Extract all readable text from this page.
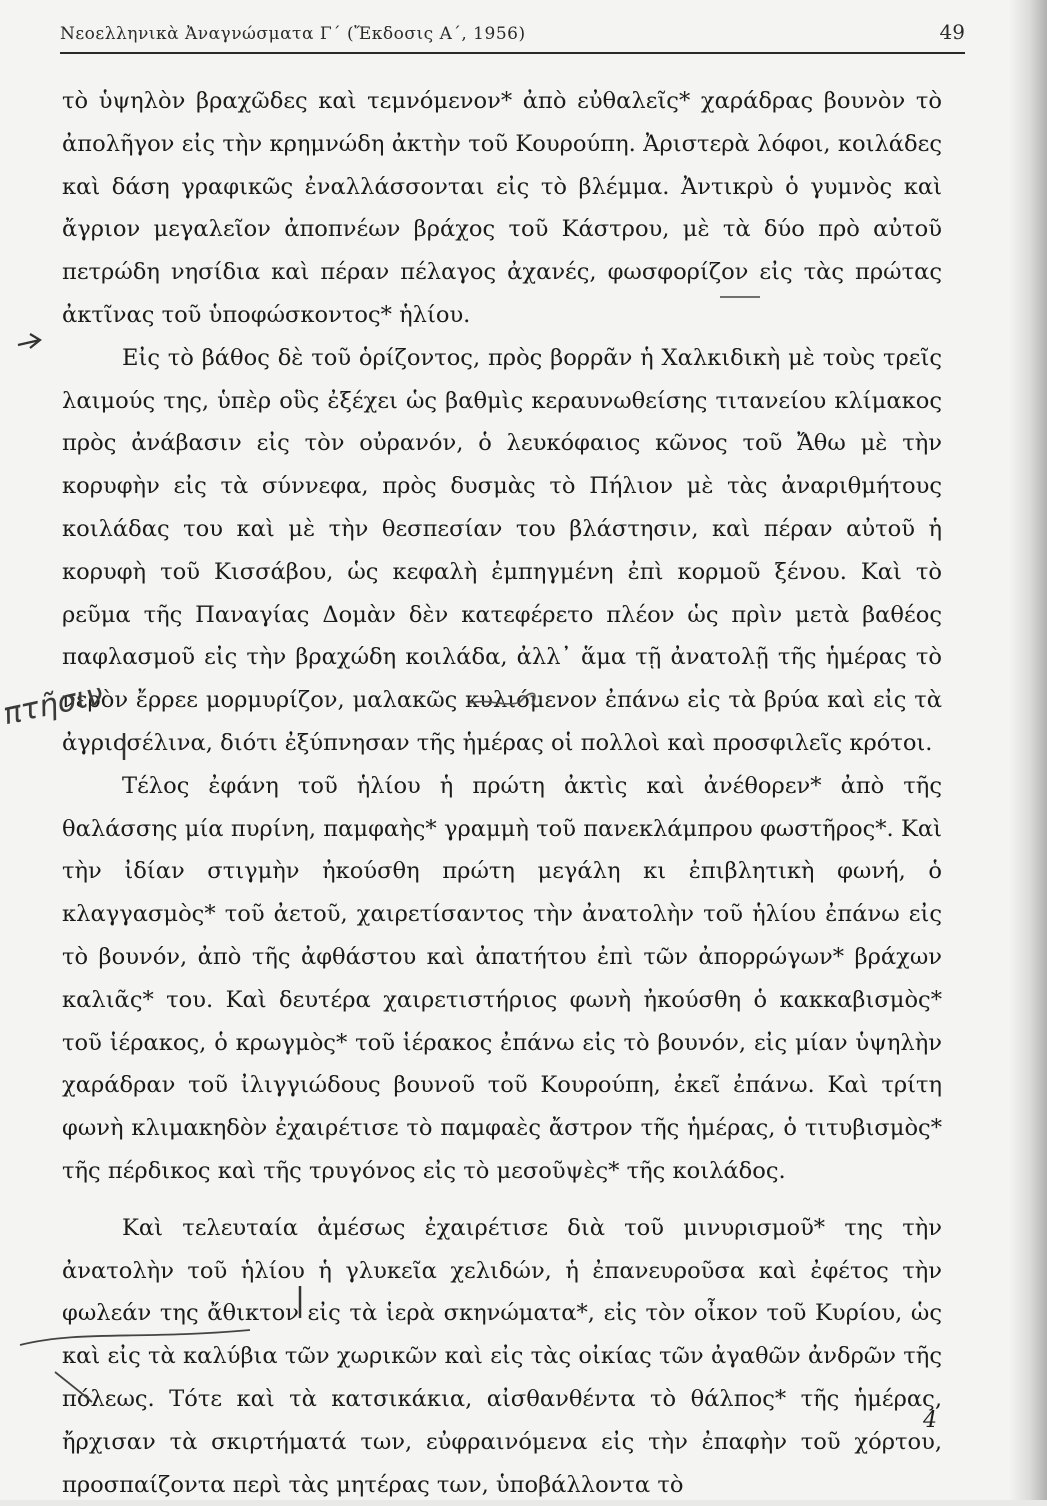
Νεοελληνικὰ Ἀναγνώσματα Γ΄ (Ἔκδοσις Α΄, 1956)	49

τὸ ὑψηλὸν βραχῶδες καὶ τεμνόμενον* ἀπὸ εὐθαλεῖς* χαράδρας βουνὸν τὸ ἀπολῆγον εἰς τὴν κρημνώδη ἀκτὴν τοῦ Κουρούπη. Ἀριστερὰ λόφοι, κοιλάδες καὶ δάση γραφικῶς ἐναλλάσσονται εἰς τὸ βλέμμα. Ἀντικρὺ ὁ γυμνὸς καὶ ἄγριον μεγαλεῖον ἀποπνέων βράχος τοῦ Κάστρου, μὲ τὰ δύο πρὸ αὐτοῦ πετρώδη νησίδια καὶ πέραν πέλαγος ἀχανές, φωσφορίζον εἰς τὰς πρώτας ἀκτῖνας τοῦ ὑποφώσκοντος* ἡλίου.

Εἰς τὸ βάθος δὲ τοῦ ὁρίζοντος, πρὸς βορρᾶν ἡ Χαλκιδικὴ μὲ τοὺς τρεῖς λαιμούς της, ὑπὲρ οὓς ἐξέχει ὡς βαθμὶς κεραυνωθείσης τιτανείου κλίμακος πρὸς ἀνάβασιν εἰς τὸν οὐρανόν, ὁ λευκόφαιος κῶνος τοῦ Ἄθω μὲ τὴν κορυφὴν εἰς τὰ σύννεφα, πρὸς δυσμὰς τὸ Πήλιον μὲ τὰς ἀναριθμήτους κοιλάδας του καὶ μὲ τὴν θεσπεσίαν του βλάστησιν, καὶ πέραν αὐτοῦ ἡ κορυφὴ τοῦ Κισσάβου, ὡς κεφαλὴ ἐμπηγμένη ἐπὶ κορμοῦ ξένου. Καὶ τὸ ρεῦμα τῆς Παναγίας Δομὰν δὲν κατεφέρετο πλέον ὡς πρὶν μετὰ βαθέος παφλασμοῦ εἰς τὴν βραχώδη κοιλάδα, ἀλλ᾽ ἅμα τῇ ἀνατολῇ τῆς ἡμέρας τὸ νερὸν ἔρρεε μορμυρίζον, μαλακῶς κυλιόμενον ἐπάνω εἰς τὰ βρύα καὶ εἰς τὰ ἀγριοσέλινα, διότι ἐξύπνησαν τῆς ἡμέρας οἱ πολλοὶ καὶ προσφιλεῖς κρότοι.

Τέλος ἐφάνη τοῦ ἡλίου ἡ πρώτη ἀκτὶς καὶ ἀνέθορεν* ἀπὸ τῆς θαλάσσης μία πυρίνη, παμφαὴς* γραμμὴ τοῦ πανεκλάμπρου φωστῆρος*. Καὶ τὴν ἰδίαν στιγμὴν ἠκούσθη πρώτη μεγάλη κι ἐπιβλητικὴ φωνή, ὁ κλαγγασμὸς* τοῦ ἀετοῦ, χαιρετίσαντος τὴν ἀνατολὴν τοῦ ἡλίου ἐπάνω εἰς τὸ βουνόν, ἀπὸ τῆς ἀφθάστου καὶ ἀπατήτου ἐπὶ τῶν ἀπορρώγων* βράχων καλιᾶς* του. Καὶ δευτέρα χαιρετιστήριος φωνὴ ἠκούσθη ὁ κακκαβισμὸς* τοῦ ἱέρακος, ὁ κρωγμὸς* τοῦ ἱέρακος ἐπάνω εἰς τὸ βουνόν, εἰς μίαν ὑψηλὴν χαράδραν τοῦ ἰλιγγιώδους βουνοῦ τοῦ Κουρούπη, ἐκεῖ ἐπάνω. Καὶ τρίτη φωνὴ κλιμακηδὸν ἐχαιρέτισε τὸ παμφαὲς ἄστρον τῆς ἡμέρας, ὁ τιτυβισμὸς* τῆς πέρδικος καὶ τῆς τρυγόνος εἰς τὸ μεσοῦψὲς* τῆς κοιλάδος.

Καὶ τελευταία ἀμέσως ἐχαιρέτισε διὰ τοῦ μινυρισμοῦ* της τὴν ἀνατολὴν τοῦ ἡλίου ἡ γλυκεῖα χελιδών, ἡ ἐπανευροῦσα καὶ ἐφέτος τὴν φωλεάν της ἄθικτον εἰς τὰ ἱερὰ σκηνώματα*, εἰς τὸν οἶκον τοῦ Κυρίου, ὡς καὶ εἰς τὰ καλύβια τῶν χωρικῶν καὶ εἰς τὰς οἰκίας τῶν ἀγαθῶν ἀνδρῶν τῆς πόλεως. Τότε καὶ τὰ κατσικάκια, αἰσθανθέντα τὸ θάλπος* τῆς ἡμέρας, ἤρχισαν τὰ σκιρτήματά των, εὐφραινόμενα εἰς τὴν ἐπαφὴν τοῦ χόρτου, προσπαίζοντα περὶ τὰς μητέρας των, ὑποβάλλοντα τὸ

πτῆσιν
4
